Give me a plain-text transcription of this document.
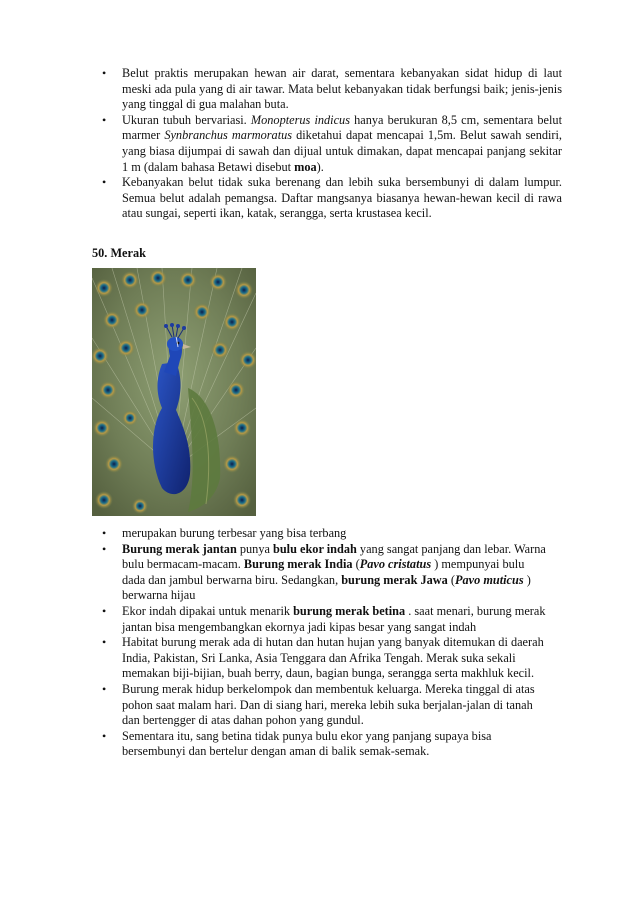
• Belut praktis merupakan hewan air darat, sementara kebanyakan sidat hidup di laut meski ada pula yang di air tawar. Mata belut kebanyakan tidak berfungsi baik; jenis-jenis yang tinggal di gua malahan buta.
• Ukuran tubuh bervariasi. Monopterus indicus hanya berukuran 8,5 cm, sementara belut marmer Synbranchus marmoratus diketahui dapat mencapai 1,5m. Belut sawah sendiri, yang biasa dijumpai di sawah dan dijual untuk dimakan, dapat mencapai panjang sekitar 1 m (dalam bahasa Betawi disebut moa).
• Kebanyakan belut tidak suka berenang dan lebih suka bersembunyi di dalam lumpur. Semua belut adalah pemangsa. Daftar mangsanya biasanya hewan-hewan kecil di rawa atau sungai, seperti ikan, katak, serangga, serta krustasea kecil.
50. Merak
• merupakan burung terbesar yang bisa terbang
• Burung merak jantan punya bulu ekor indah yang sangat panjang dan lebar. Warna bulu bermacam-macam. Burung merak India (Pavo cristatus ) mempunyai bulu dada dan jambul berwarna biru. Sedangkan, burung merak Jawa (Pavo muticus ) berwarna hijau
• Ekor indah dipakai untuk menarik burung merak betina . saat menari, burung merak jantan bisa mengembangkan ekornya jadi kipas besar yang sangat indah
• Habitat burung merak ada di hutan dan hutan hujan yang banyak ditemukan di daerah India, Pakistan, Sri Lanka, Asia Tenggara dan Afrika Tengah. Merak suka sekali memakan biji-bijian, buah berry, daun, bagian bunga, serangga serta makhluk kecil.
• Burung merak hidup berkelompok dan membentuk keluarga. Mereka tinggal di atas pohon saat malam hari. Dan di siang hari, mereka lebih suka berjalan-jalan di tanah dan bertengger di atas dahan pohon yang gundul.
• Sementara itu, sang betina tidak punya bulu ekor yang panjang supaya bisa bersembunyi dan bertelur dengan aman di balik semak-semak.
